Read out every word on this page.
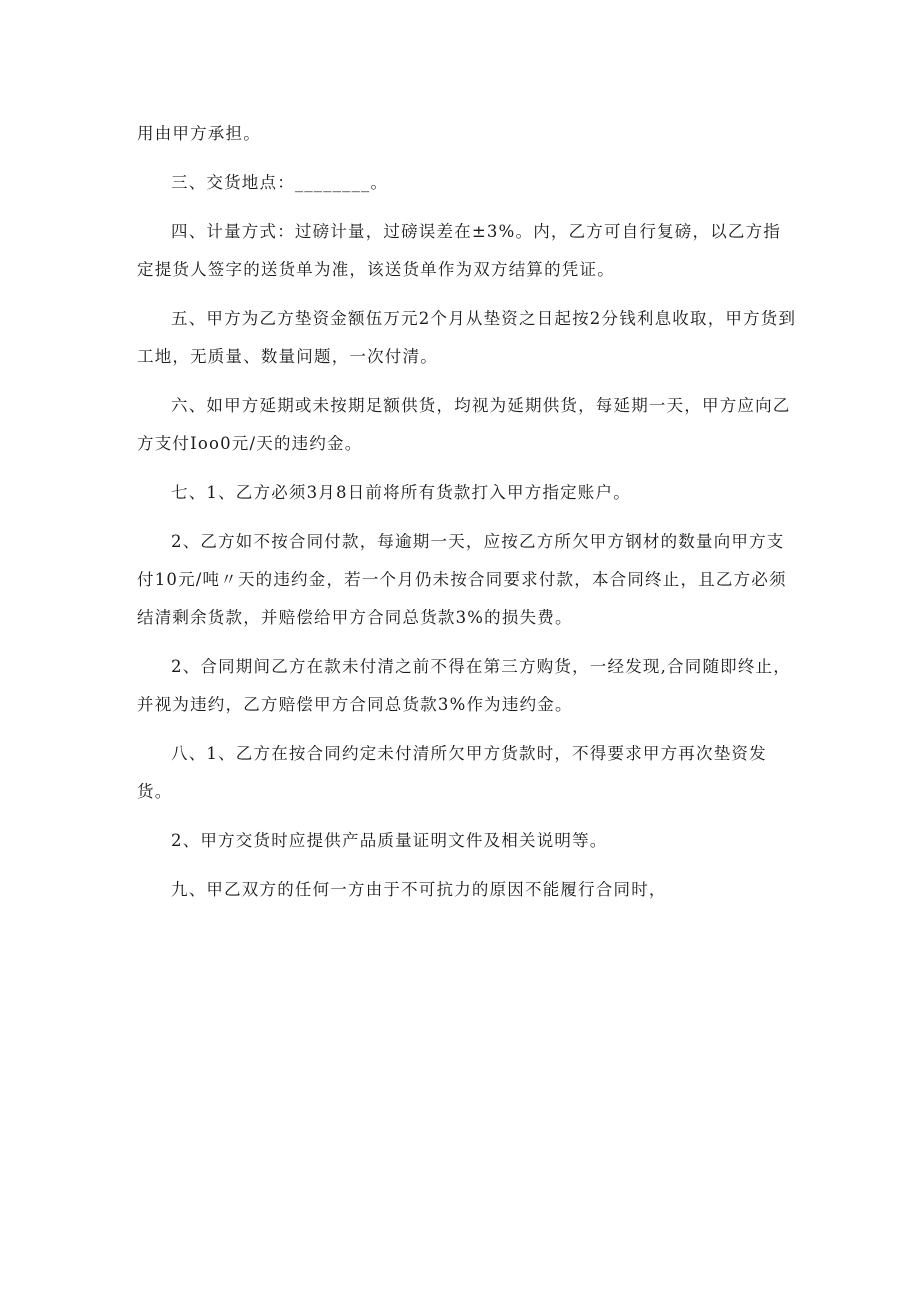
用由甲方承担。

三、交货地点：________。

四、计量方式：过磅计量，过磅误差在±3%。内，乙方可自行复磅，以乙方指定提货人签字的送货单为准，该送货单作为双方结算的凭证。

五、甲方为乙方垫资金额伍万元2个月从垫资之日起按2分钱利息收取，甲方货到工地，无质量、数量问题，一次付清。

六、如甲方延期或未按期足额供货，均视为延期供货，每延期一天，甲方应向乙方支付Ioo0元/天的违约金。

七、1、乙方必须3月8日前将所有货款打入甲方指定账户。

2、乙方如不按合同付款，每逾期一天，应按乙方所欠甲方钢材的数量向甲方支付10元/吨〃天的违约金，若一个月仍未按合同要求付款，本合同终止，且乙方必须结清剩余货款，并赔偿给甲方合同总货款3%的损失费。

2、合同期间乙方在款未付清之前不得在第三方购货，一经发现,合同随即终止，并视为违约，乙方赔偿甲方合同总货款3%作为违约金。

八、1、乙方在按合同约定未付清所欠甲方货款时，不得要求甲方再次垫资发货。

2、甲方交货时应提供产品质量证明文件及相关说明等。

九、甲乙双方的任何一方由于不可抗力的原因不能履行合同时，
